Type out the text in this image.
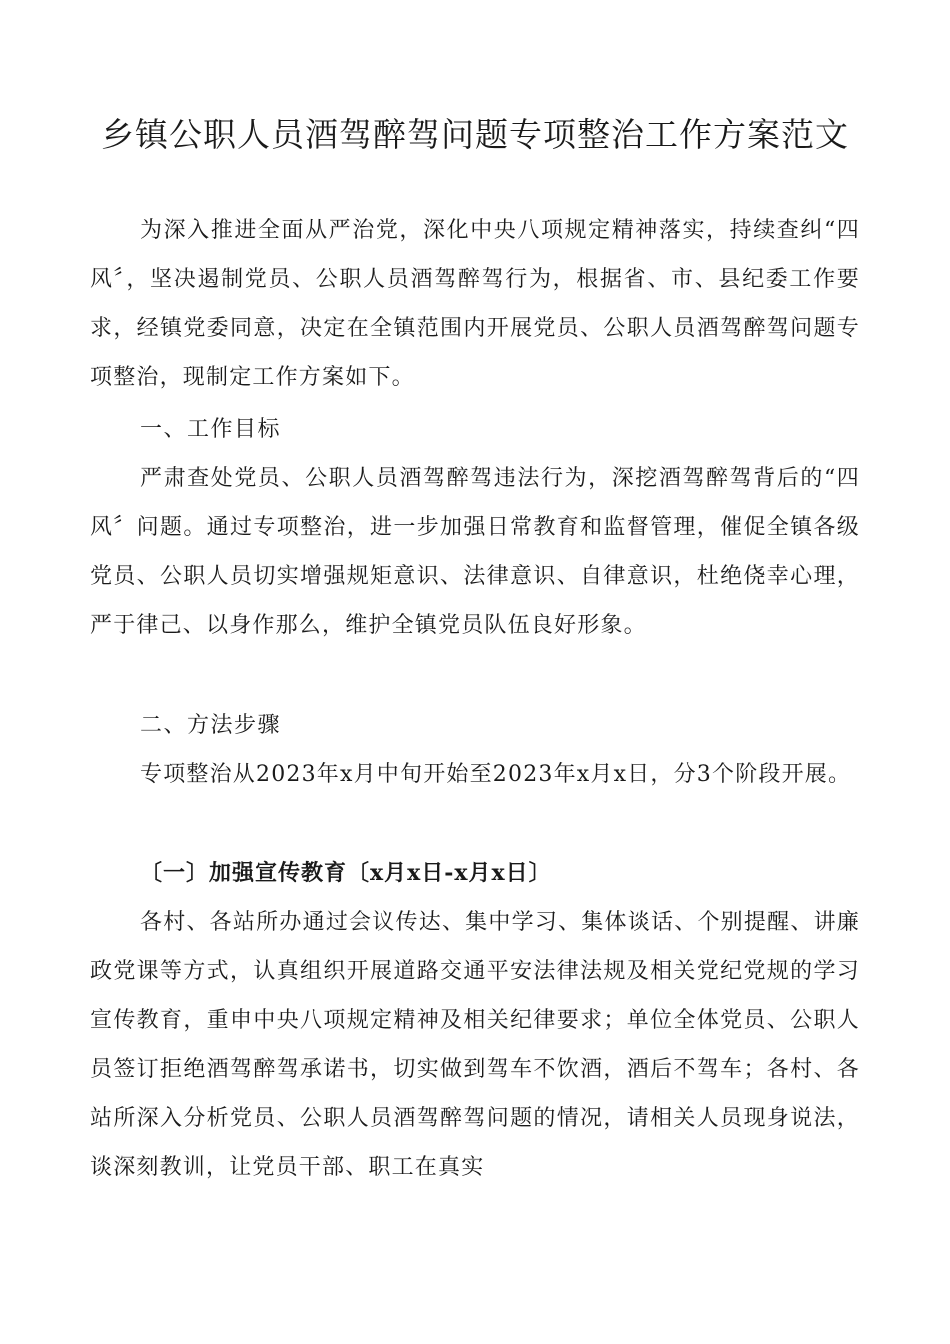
乡镇公职人员酒驾醉驾问题专项整治工作方案范文

为深入推进全面从严治党，深化中央八项规定精神落实，持续查纠“四风〞，坚决遏制党员、公职人员酒驾醉驾行为，根据省、市、县纪委工作要求，经镇党委同意，决定在全镇范围内开展党员、公职人员酒驾醉驾问题专项整治，现制定工作方案如下。

一、工作目标

严肃查处党员、公职人员酒驾醉驾违法行为，深挖酒驾醉驾背后的“四风〞问题。通过专项整治，进一步加强日常教育和监督管理，催促全镇各级党员、公职人员切实增强规矩意识、法律意识、自律意识，杜绝侥幸心理，严于律己、以身作那么，维护全镇党员队伍良好形象。

二、方法步骤

专项整治从2023年x月中旬开始至2023年x月x日，分3个阶段开展。

〔一〕加强宣传教育〔x月x日-x月x日〕

各村、各站所办通过会议传达、集中学习、集体谈话、个别提醒、讲廉政党课等方式，认真组织开展道路交通平安法律法规及相关党纪党规的学习宣传教育，重申中央八项规定精神及相关纪律要求；单位全体党员、公职人员签订拒绝酒驾醉驾承诺书，切实做到驾车不饮酒，酒后不驾车；各村、各站所深入分析党员、公职人员酒驾醉驾问题的情况，请相关人员现身说法，谈深刻教训，让党员干部、职工在真实
